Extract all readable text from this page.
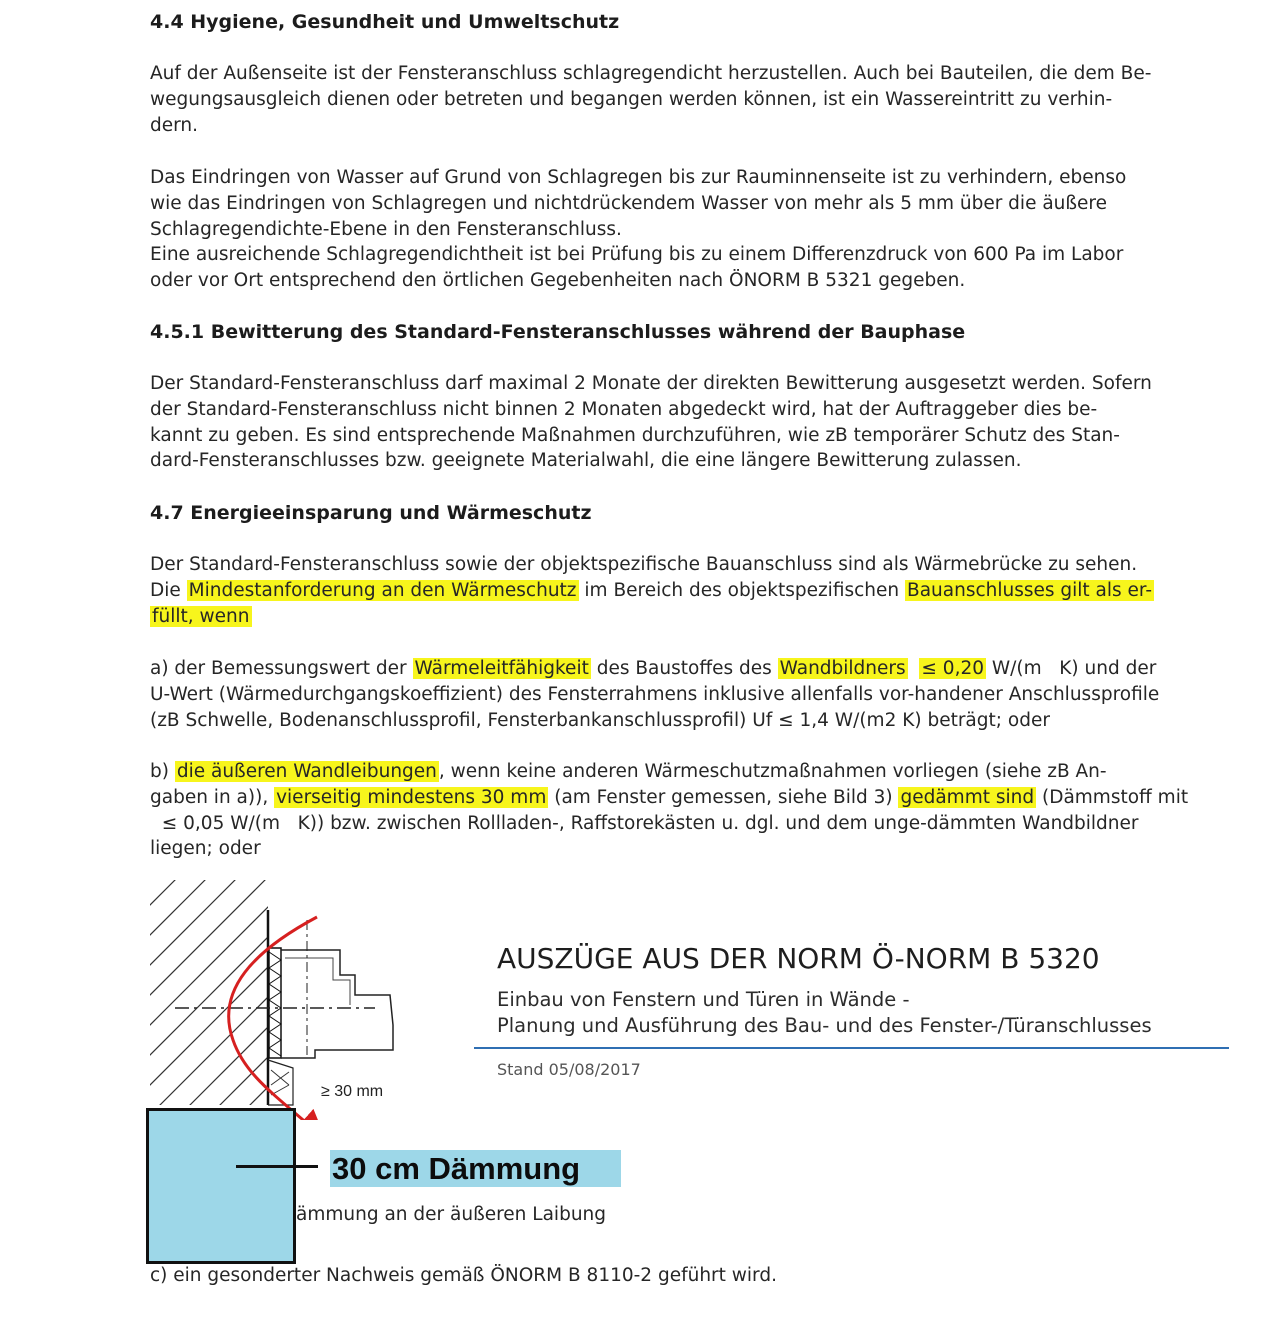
4.4 Hygiene, Gesundheit und Umweltschutz
Auf der Außenseite ist der Fensteranschluss schlagregendicht herzustellen. Auch bei Bauteilen, die dem Be-
wegungsausgleich dienen oder betreten und begangen werden können, ist ein Wassereintritt zu verhin-
dern.
Das Eindringen von Wasser auf Grund von Schlagregen bis zur Rauminnenseite ist zu verhindern, ebenso
wie das Eindringen von Schlagregen und nichtdrückendem Wasser von mehr als 5 mm über die äußere
Schlagregendichte-Ebene in den Fensteranschluss.
Eine ausreichende Schlagregendichtheit ist bei Prüfung bis zu einem Differenzdruck von 600 Pa im Labor
oder vor Ort entsprechend den örtlichen Gegebenheiten nach ÖNORM B 5321 gegeben.
4.5.1 Bewitterung des Standard-Fensteranschlusses während der Bauphase
Der Standard-Fensteranschluss darf maximal 2 Monate der direkten Bewitterung ausgesetzt werden. Sofern
der Standard-Fensteranschluss nicht binnen 2 Monaten abgedeckt wird, hat der Auftraggeber dies be-
kannt zu geben. Es sind entsprechende Maßnahmen durchzuführen, wie zB temporärer Schutz des Stan-
dard-Fensteranschlusses bzw. geeignete Materialwahl, die eine längere Bewitterung zulassen.
4.7 Energieeinsparung und Wärmeschutz
Der Standard-Fensteranschluss sowie der objektspezifische Bauanschluss sind als Wärmebrücke zu sehen.
Die Mindestanforderung an den Wärmeschutz im Bereich des objektspezifischen Bauanschlusses gilt als er-
füllt, wenn
a) der Bemessungswert der Wärmeleitfähigkeit des Baustoffes des Wandbildners ≤ 0,20 W/(m   K) und der
U-Wert (Wärmedurchgangskoeffizient) des Fensterrahmens inklusive allenfalls vor-handener Anschlussprofile
(zB Schwelle, Bodenanschlussprofil, Fensterbankanschlussprofil) Uf ≤ 1,4 W/(m2 K) beträgt; oder
b) die äußeren Wandleibungen , wenn keine anderen Wärmeschutzmaßnahmen vorliegen (siehe zB An-
gaben in a)), vierseitig mindestens 30 mm (am Fenster gemessen, siehe Bild 3) gedämmt sind (Dämmstoff mit
≤ 0,05 W/(m   K)) bzw. zwischen Rollladen-, Raffstorekästen u. dgl. und dem unge-dämmten Wandbildner
liegen; oder
≥ 30 mm
30 cm Dämmung
ämmung an der äußeren Laibung
AUSZÜGE AUS DER NORM Ö-NORM B 5320
Einbau von Fenstern und Türen in Wände -
Planung und Ausführung des Bau- und des Fenster-/Türanschlusses
Stand 05/08/2017
c) ein gesonderter Nachweis gemäß ÖNORM B 8110-2 geführt wird.
